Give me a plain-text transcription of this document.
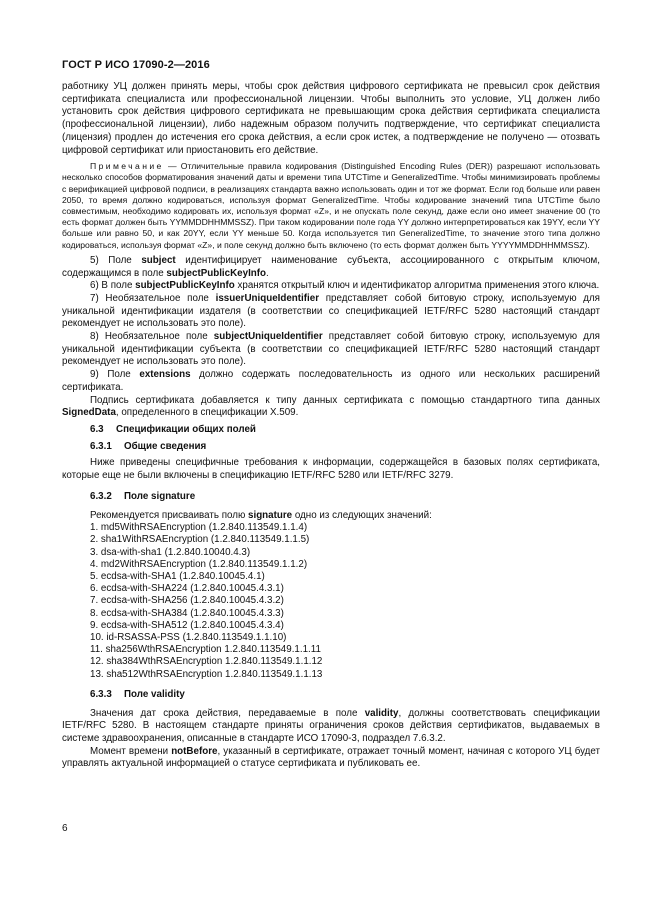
ГОСТ Р ИСО 17090-2—2016

работнику УЦ должен принять меры, чтобы срок действия цифрового сертификата не превысил срок действия сертификата специалиста или профессиональной лицензии. Чтобы выполнить это условие, УЦ должен либо установить срок действия цифрового сертификата не превышающим срока действия сертификата специалиста (профессиональной лицензии), либо надежным образом получить подтверждение, что сертификат специалиста (лицензия) продлен до истечения его срока действия, а если срок истек, а подтверждение не получено — отозвать цифровой сертификат или приостановить его действие.

Примечание — Отличительные правила кодирования (Distinguished Encoding Rules (DER)) разрешают использовать несколько способов форматирования значений даты и времени типа UTCTime и GeneralizedTime. Чтобы минимизировать проблемы с верификацией цифровой подписи, в реализациях стандарта важно использовать один и тот же формат. Если год больше или равен 2050, то время должно кодироваться, используя формат GeneralizedTime. Чтобы кодирование значений типа UTCTime было совместимым, необходимо кодировать их, используя формат «Z», и не опускать поле секунд, даже если оно имеет значение 00 (то есть формат должен быть YYMMDDHHMMSSZ). При таком кодировании поле года YY должно интерпретироваться как 19YY, если YY больше или равно 50, и как 20YY, если YY меньше 50. Когда используется тип GeneralizedTime, то значение этого типа должно кодироваться, используя формат «Z», и поле секунд должно быть включено (то есть формат должен быть YYYYMMDDHHMMSSZ).

5) Поле subject идентифицирует наименование субъекта, ассоциированного с открытым ключом, содержащимся в поле subjectPublicKeyInfo.

6) В поле subjectPublicKeyInfo хранятся открытый ключ и идентификатор алгоритма применения этого ключа.

7) Необязательное поле issuerUniqueIdentifier представляет собой битовую строку, используемую для уникальной идентификации издателя (в соответствии со спецификацией IETF/RFC 5280 настоящий стандарт рекомендует не использовать это поле).

8) Необязательное поле subjectUniqueIdentifier представляет собой битовую строку, используемую для уникальной идентификации субъекта (в соответствии со спецификацией IETF/RFC 5280 настоящий стандарт рекомендует не использовать это поле).

9) Поле extensions должно содержать последовательность из одного или нескольких расширений сертификата.

Подпись сертификата добавляется к типу данных сертификата с помощью стандартного типа данных SignedData, определенного в спецификации X.509.

6.3 Спецификации общих полей

6.3.1 Общие сведения

Ниже приведены специфичные требования к информации, содержащейся в базовых полях сертификата, которые еще не были включены в спецификацию IETF/RFC 5280 или IETF/RFC 3279.

6.3.2 Поле signature

Рекомендуется присваивать полю signature одно из следующих значений:

1. md5WithRSAEncryption (1.2.840.113549.1.1.4)
2. sha1WithRSAEncryption (1.2.840.113549.1.1.5)
3. dsa-with-sha1 (1.2.840.10040.4.3)
4. md2WithRSAEncryption (1.2.840.113549.1.1.2)
5. ecdsa-with-SHA1 (1.2.840.10045.4.1)
6. ecdsa-with-SHA224 (1.2.840.10045.4.3.1)
7. ecdsa-with-SHA256 (1.2.840.10045.4.3.2)
8. ecdsa-with-SHA384 (1.2.840.10045.4.3.3)
9. ecdsa-with-SHA512 (1.2.840.10045.4.3.4)
10. id-RSASSA-PSS (1.2.840.113549.1.1.10)
11. sha256WthRSAEncryption 1.2.840.113549.1.1.11
12. sha384WthRSAEncryption 1.2.840.113549.1.1.12
13. sha512WthRSAEncryption 1.2.840.113549.1.1.13

6.3.3 Поле validity

Значения дат срока действия, передаваемые в поле validity, должны соответствовать спецификации IETF/RFC 5280. В настоящем стандарте приняты ограничения сроков действия сертификатов, выдаваемых в системе здравоохранения, описанные в стандарте ИСО 17090-3, подраздел 7.6.3.2.

Момент времени notBefore, указанный в сертификате, отражает точный момент, начиная с которого УЦ будет управлять актуальной информацией о статусе сертификата и публиковать ее.

6
